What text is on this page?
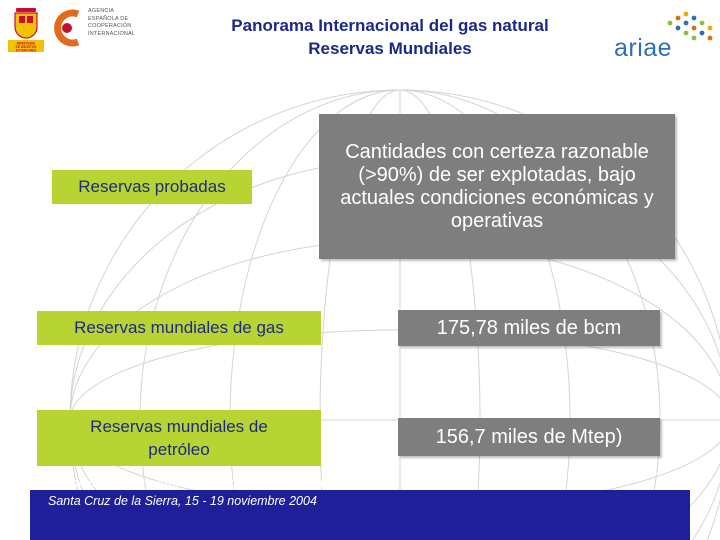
MINISTERIO
DE ASUNTOS
EXTERIORES
AGENCIA
ESPAÑOLA DE
COOPERACIÓN
INTERNACIONAL
ariae
Panorama Internacional del gas natural
Reservas Mundiales
Reservas probadas
Cantidades con certeza razonable (>90%) de ser explotadas, bajo actuales condiciones económicas y operativas
Reservas mundiales de gas	175,78 miles de bcm
Reservas mundiales de petróleo
156,7 miles de Mtep)
II Edición del Curso ARIAE de Regulación Energética.
Santa Cruz de la Sierra, 15 - 19 noviembre 2004
6
